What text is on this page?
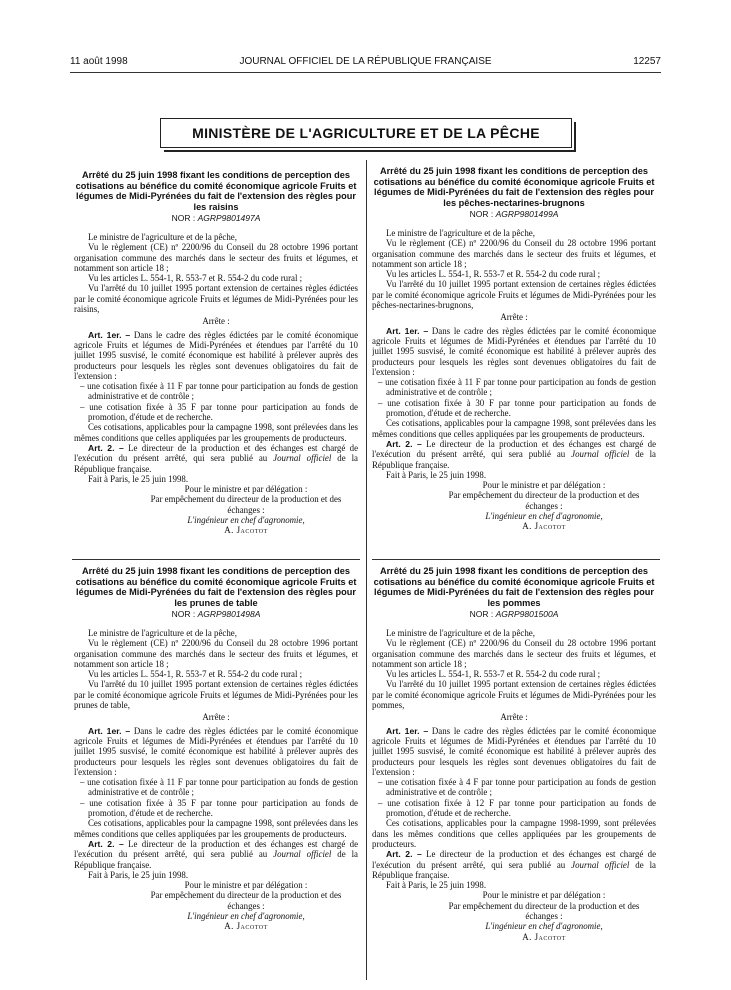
11 août 1998	JOURNAL OFFICIEL DE LA RÉPUBLIQUE FRANÇAISE	12257
MINISTÈRE DE L'AGRICULTURE ET DE LA PÊCHE

Arrêté du 25 juin 1998 fixant les conditions de perception des cotisations au bénéfice du comité économique agricole Fruits et légumes de Midi-Pyrénées du fait de l'extension des règles pour les raisins

NOR : AGRP9801497A

Le ministre de l'agriculture et de la pêche,

Vu le règlement (CE) nº 2200/96 du Conseil du 28 octobre 1996 portant organisation commune des marchés dans le secteur des fruits et légumes, et notamment son article 18 ;

Vu les articles L. 554-1, R. 553-7 et R. 554-2 du code rural ;

Vu l'arrêté du 10 juillet 1995 portant extension de certaines règles édictées par le comité économique agricole Fruits et légumes de Midi-Pyrénées pour les raisins,

Arrête :

Art. 1er. – Dans le cadre des règles édictées par le comité économique agricole Fruits et légumes de Midi-Pyrénées et étendues par l'arrêté du 10 juillet 1995 susvisé, le comité économique est habilité à prélever auprès des producteurs pour lesquels les règles sont devenues obligatoires du fait de l'extension :

– une cotisation fixée à 11 F par tonne pour participation au fonds de gestion administrative et de contrôle ;

– une cotisation fixée à 35 F par tonne pour participation au fonds de promotion, d'étude et de recherche.

Ces cotisations, applicables pour la campagne 1998, sont prélevées dans les mêmes conditions que celles appliquées par les groupements de producteurs.

Art. 2. – Le directeur de la production et des échanges est chargé de l'exécution du présent arrêté, qui sera publié au Journal officiel de la République française.

Fait à Paris, le 25 juin 1998.

Pour le ministre et par délégation :

Par empêchement du directeur de la production et des échanges :

L'ingénieur en chef d'agronomie,

A. Jacotot

Arrêté du 25 juin 1998 fixant les conditions de perception des cotisations au bénéfice du comité économique agricole Fruits et légumes de Midi-Pyrénées du fait de l'extension des règles pour les pêches-nectarines-brugnons

NOR : AGRP9801499A

Le ministre de l'agriculture et de la pêche,

Vu le règlement (CE) nº 2200/96 du Conseil du 28 octobre 1996 portant organisation commune des marchés dans le secteur des fruits et légumes, et notamment son article 18 ;

Vu les articles L. 554-1, R. 553-7 et R. 554-2 du code rural ;

Vu l'arrêté du 10 juillet 1995 portant extension de certaines règles édictées par le comité économique agricole Fruits et légumes de Midi-Pyrénées pour les pêches-nectarines-brugnons,

Arrête :

Art. 1er. – Dans le cadre des règles édictées par le comité économique agricole Fruits et légumes de Midi-Pyrénées et étendues par l'arrêté du 10 juillet 1995 susvisé, le comité économique est habilité à prélever auprès des producteurs pour lesquels les règles sont devenues obligatoires du fait de l'extension :

– une cotisation fixée à 11 F par tonne pour participation au fonds de gestion administrative et de contrôle ;

– une cotisation fixée à 30 F par tonne pour participation au fonds de promotion, d'étude et de recherche.

Ces cotisations, applicables pour la campagne 1998, sont prélevées dans les mêmes conditions que celles appliquées par les groupements de producteurs.

Art. 2. – Le directeur de la production et des échanges est chargé de l'exécution du présent arrêté, qui sera publié au Journal officiel de la République française.

Fait à Paris, le 25 juin 1998.

Pour le ministre et par délégation :

Par empêchement du directeur de la production et des échanges :

L'ingénieur en chef d'agronomie,

A. Jacotot

Arrêté du 25 juin 1998 fixant les conditions de perception des cotisations au bénéfice du comité économique agricole Fruits et légumes de Midi-Pyrénées du fait de l'extension des règles pour les prunes de table

NOR : AGRP9801498A

Le ministre de l'agriculture et de la pêche,

Vu le règlement (CE) nº 2200/96 du Conseil du 28 octobre 1996 portant organisation commune des marchés dans le secteur des fruits et légumes, et notamment son article 18 ;

Vu les articles L. 554-1, R. 553-7 et R. 554-2 du code rural ;

Vu l'arrêté du 10 juillet 1995 portant extension de certaines règles édictées par le comité économique agricole Fruits et légumes de Midi-Pyrénées pour les prunes de table,

Arrête :

Art. 1er. – Dans le cadre des règles édictées par le comité économique agricole Fruits et légumes de Midi-Pyrénées et étendues par l'arrêté du 10 juillet 1995 susvisé, le comité économique est habilité à prélever auprès des producteurs pour lesquels les règles sont devenues obligatoires du fait de l'extension :

– une cotisation fixée à 11 F par tonne pour participation au fonds de gestion administrative et de contrôle ;

– une cotisation fixée à 35 F par tonne pour participation au fonds de promotion, d'étude et de recherche.

Ces cotisations, applicables pour la campagne 1998, sont prélevées dans les mêmes conditions que celles appliquées par les groupements de producteurs.

Art. 2. – Le directeur de la production et des échanges est chargé de l'exécution du présent arrêté, qui sera publié au Journal officiel de la République française.

Fait à Paris, le 25 juin 1998.

Pour le ministre et par délégation :

Par empêchement du directeur de la production et des échanges :

L'ingénieur en chef d'agronomie,

A. Jacotot

Arrêté du 25 juin 1998 fixant les conditions de perception des cotisations au bénéfice du comité économique agricole Fruits et légumes de Midi-Pyrénées du fait de l'extension des règles pour les pommes

NOR : AGRP9801500A

Le ministre de l'agriculture et de la pêche,

Vu le règlement (CE) nº 2200/96 du Conseil du 28 octobre 1996 portant organisation commune des marchés dans le secteur des fruits et légumes, et notamment son article 18 ;

Vu les articles L. 554-1, R. 553-7 et R. 554-2 du code rural ;

Vu l'arrêté du 10 juillet 1995 portant extension de certaines règles édictées par le comité économique agricole Fruits et légumes de Midi-Pyrénées pour les pommes,

Arrête :

Art. 1er. – Dans le cadre des règles édictées par le comité économique agricole Fruits et légumes de Midi-Pyrénées et étendues par l'arrêté du 10 juillet 1995 susvisé, le comité économique est habilité à prélever auprès des producteurs pour lesquels les règles sont devenues obligatoires du fait de l'extension :

– une cotisation fixée à 4 F par tonne pour participation au fonds de gestion administrative et de contrôle ;

– une cotisation fixée à 12 F par tonne pour participation au fonds de promotion, d'étude et de recherche.

Ces cotisations, applicables pour la campagne 1998-1999, sont prélevées dans les mêmes conditions que celles appliquées par les groupements de producteurs.

Art. 2. – Le directeur de la production et des échanges est chargé de l'exécution du présent arrêté, qui sera publié au Journal officiel de la République française.

Fait à Paris, le 25 juin 1998.

Pour le ministre et par délégation :

Par empêchement du directeur de la production et des échanges :

L'ingénieur en chef d'agronomie,

A. Jacotot
